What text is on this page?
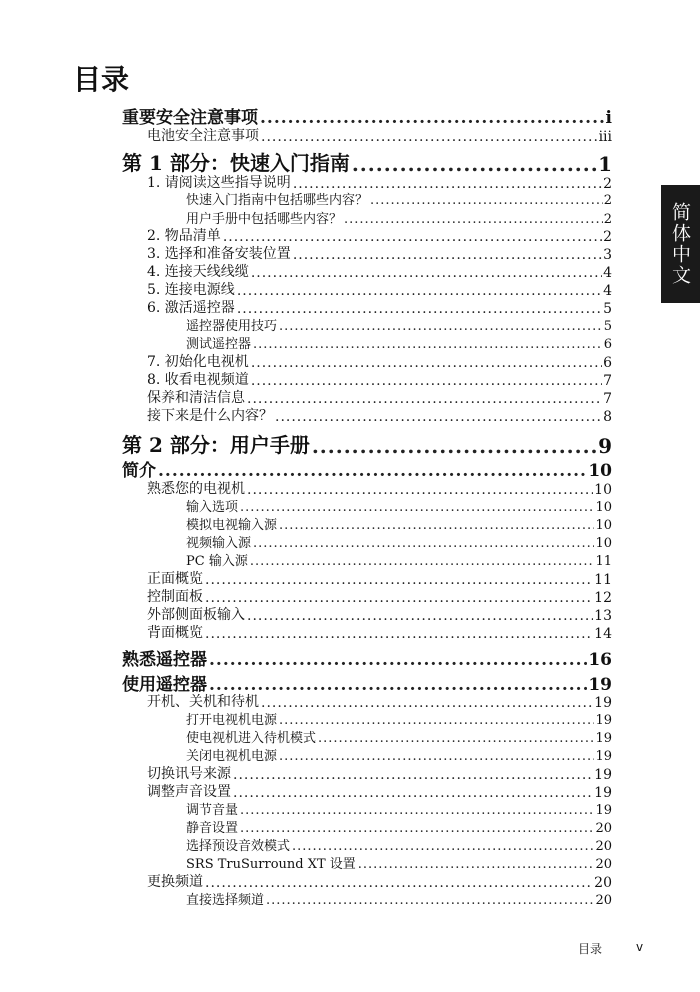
目录
简体中文
重要安全注意事项 .....	i
电池安全注意事项 .....	iii
第 1 部分：快速入门指南 .....	1
1. 请阅读这些指导说明 .....	2
快速入门指南中包括哪些内容？ .....	2
用户手册中包括哪些内容？ .....	2
2. 物品清单 .....	2
3. 选择和准备安装位置 .....	3
4. 连接天线线缆 .....	4
5. 连接电源线 .....	4
6. 激活遥控器 .....	5
遥控器使用技巧 .....	5
测试遥控器 .....	6
7. 初始化电视机 .....	6
8. 收看电视频道 .....	7
保养和清洁信息 .....	7
接下来是什么内容？ .....	8
第 2 部分：用户手册 .....	9
简介 .....	10
熟悉您的电视机 .....	10
输入选项 .....	10
模拟电视输入源 .....	10
视频输入源 .....	10
PC 输入源 .....	11
正面概览 .....	11
控制面板 .....	12
外部侧面板输入 .....	13
背面概览 .....	14
熟悉遥控器 .....	16
使用遥控器 .....	19
开机、关机和待机 .....	19
打开电视机电源 .....	19
使电视机进入待机模式 .....	19
关闭电视机电源 .....	19
切换讯号来源 .....	19
调整声音设置 .....	19
调节音量 .....	19
静音设置 .....	20
选择预设音效模式 .....	20
SRS TruSurround XT 设置 .....	20
更换频道 .....	20
直接选择频道 .....	20
目录	v
